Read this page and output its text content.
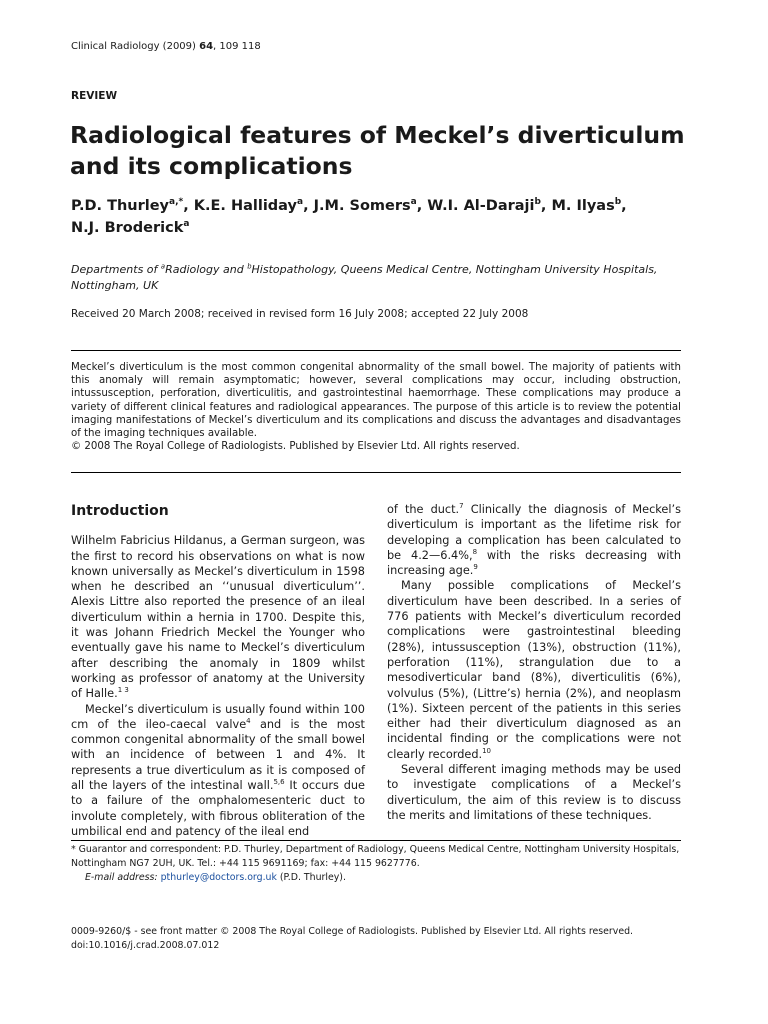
Clinical Radiology (2009) 64, 109 118
REVIEW
Radiological features of Meckel’s diverticulum and its complications
P.D. Thurley$^{a,*}$, K.E. Halliday$^a$, J.M. Somers$^a$, W.I. Al-Daraji$^b$, M. Ilyas$^b$,
N.J. Broderick$^a$
Departments of $^a$Radiology and $^b$Histopathology, Queens Medical Centre, Nottingham University Hospitals, Nottingham, UK
Received 20 March 2008; received in revised form 16 July 2008; accepted 22 July 2008
Meckel’s diverticulum is the most common congenital abnormality of the small bowel. The majority of patients with this anomaly will remain asymptomatic; however, several complications may occur, including obstruction, intussusception, perforation, diverticulitis, and gastrointestinal haemorrhage. These complications may produce a variety of different clinical features and radiological appearances. The purpose of this article is to review the potential imaging manifestations of Meckel’s diverticulum and its complications and discuss the advantages and disadvantages of the imaging techniques available.
© 2008 The Royal College of Radiologists. Published by Elsevier Ltd. All rights reserved.
Introduction

Wilhelm Fabricius Hildanus, a German surgeon, was the first to record his observations on what is now known universally as Meckel’s diverticulum in 1598 when he described an ‘‘unusual diverticulum’’. Alexis Littre also reported the presence of an ileal diverticulum within a hernia in 1700. Despite this, it was Johann Friedrich Meckel the Younger who eventually gave his name to Meckel’s diverticulum after describing the anomaly in 1809 whilst working as professor of anatomy at the University of Halle.$^{1 3}$

Meckel’s diverticulum is usually found within 100 cm of the ileo-caecal valve$^4$ and is the most common congenital abnormality of the small bowel with an incidence of between 1 and 4%. It represents a true diverticulum as it is composed of all the layers of the intestinal wall.$^{5,6}$ It occurs due to a failure of the omphalomesenteric duct to involute completely, with fibrous obliteration of the umbilical end and patency of the ileal end

of the duct.$^7$ Clinically the diagnosis of Meckel’s diverticulum is important as the lifetime risk for developing a complication has been calculated to be 4.2—6.4%,$^8$ with the risks decreasing with increasing age.$^9$

Many possible complications of Meckel’s diverticulum have been described. In a series of 776 patients with Meckel’s diverticulum recorded complications were gastrointestinal bleeding (28%), intussusception (13%), obstruction (11%), perforation (11%), strangulation due to a mesodiverticular band (8%), diverticulitis (6%), volvulus (5%), (Littre’s) hernia (2%), and neoplasm (1%). Sixteen percent of the patients in this series either had their diverticulum diagnosed as an incidental finding or the complications were not clearly recorded.$^{10}$

Several different imaging methods may be used to investigate complications of a Meckel’s diverticulum, the aim of this review is to discuss the merits and limitations of these techniques.

* Guarantor and correspondent: P.D. Thurley, Department of Radiology, Queens Medical Centre, Nottingham University Hospitals, Nottingham NG7 2UH, UK. Tel.: +44 115 9691169; fax: +44 115 9627776.
E-mail address: pthurley@doctors.org.uk (P.D. Thurley).
0009-9260/$ - see front matter © 2008 The Royal College of Radiologists. Published by Elsevier Ltd. All rights reserved.
doi:10.1016/j.crad.2008.07.012
